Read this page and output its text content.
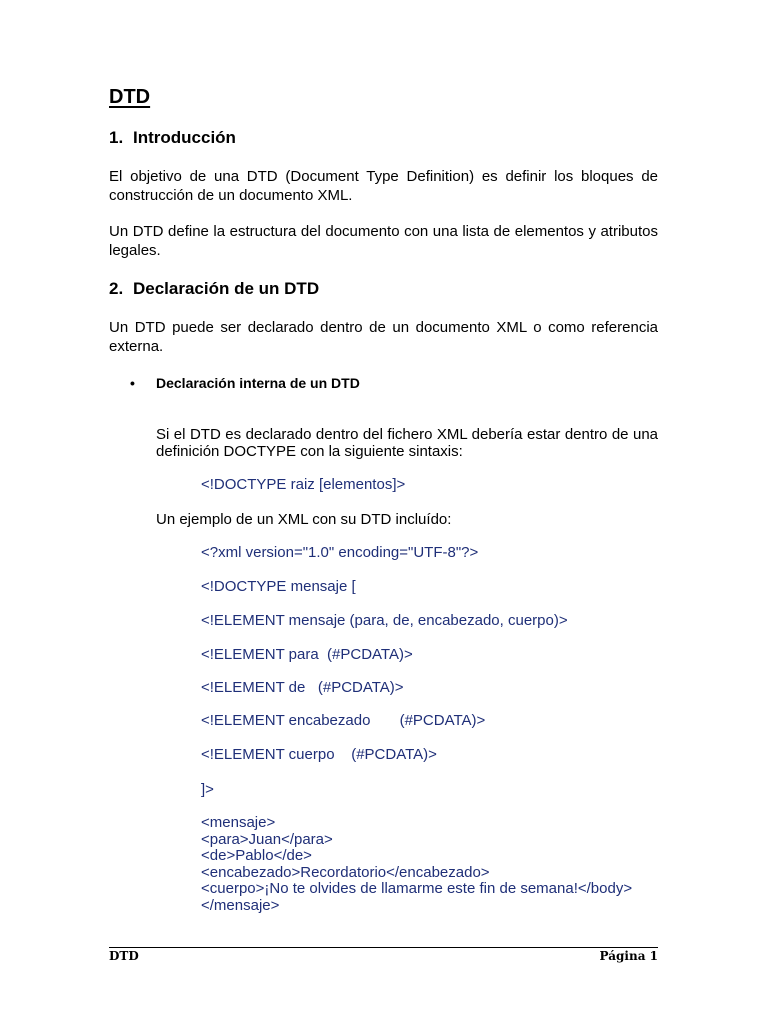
DTD
1. Introducción

El objetivo de una DTD (Document Type Definition) es definir los bloques de construcción de un documento XML.

Un DTD define la estructura del documento con una lista de elementos y atributos legales.

2. Declaración de un DTD

Un DTD puede ser declarado dentro de un documento XML o como referencia externa.

• Declaración interna de un DTD

Si el DTD es declarado dentro del fichero XML debería estar dentro de una definición DOCTYPE con la siguiente sintaxis:

<!DOCTYPE raiz [elementos]>

Un ejemplo de un XML con su DTD incluído:

<?xml version="1.0" encoding="UTF-8"?>
<!DOCTYPE mensaje [
<!ELEMENT mensaje (para, de, encabezado, cuerpo)>
<!ELEMENT para  (#PCDATA)>
<!ELEMENT de   (#PCDATA)>
<!ELEMENT encabezado       (#PCDATA)>
<!ELEMENT cuerpo    (#PCDATA)>
]>
<mensaje>
<para>Juan</para>
<de>Pablo</de>
<encabezado>Recordatorio</encabezado>
<cuerpo>¡No te olvides de llamarme este fin de semana!</body>
</mensaje>
DTD	Página 1
